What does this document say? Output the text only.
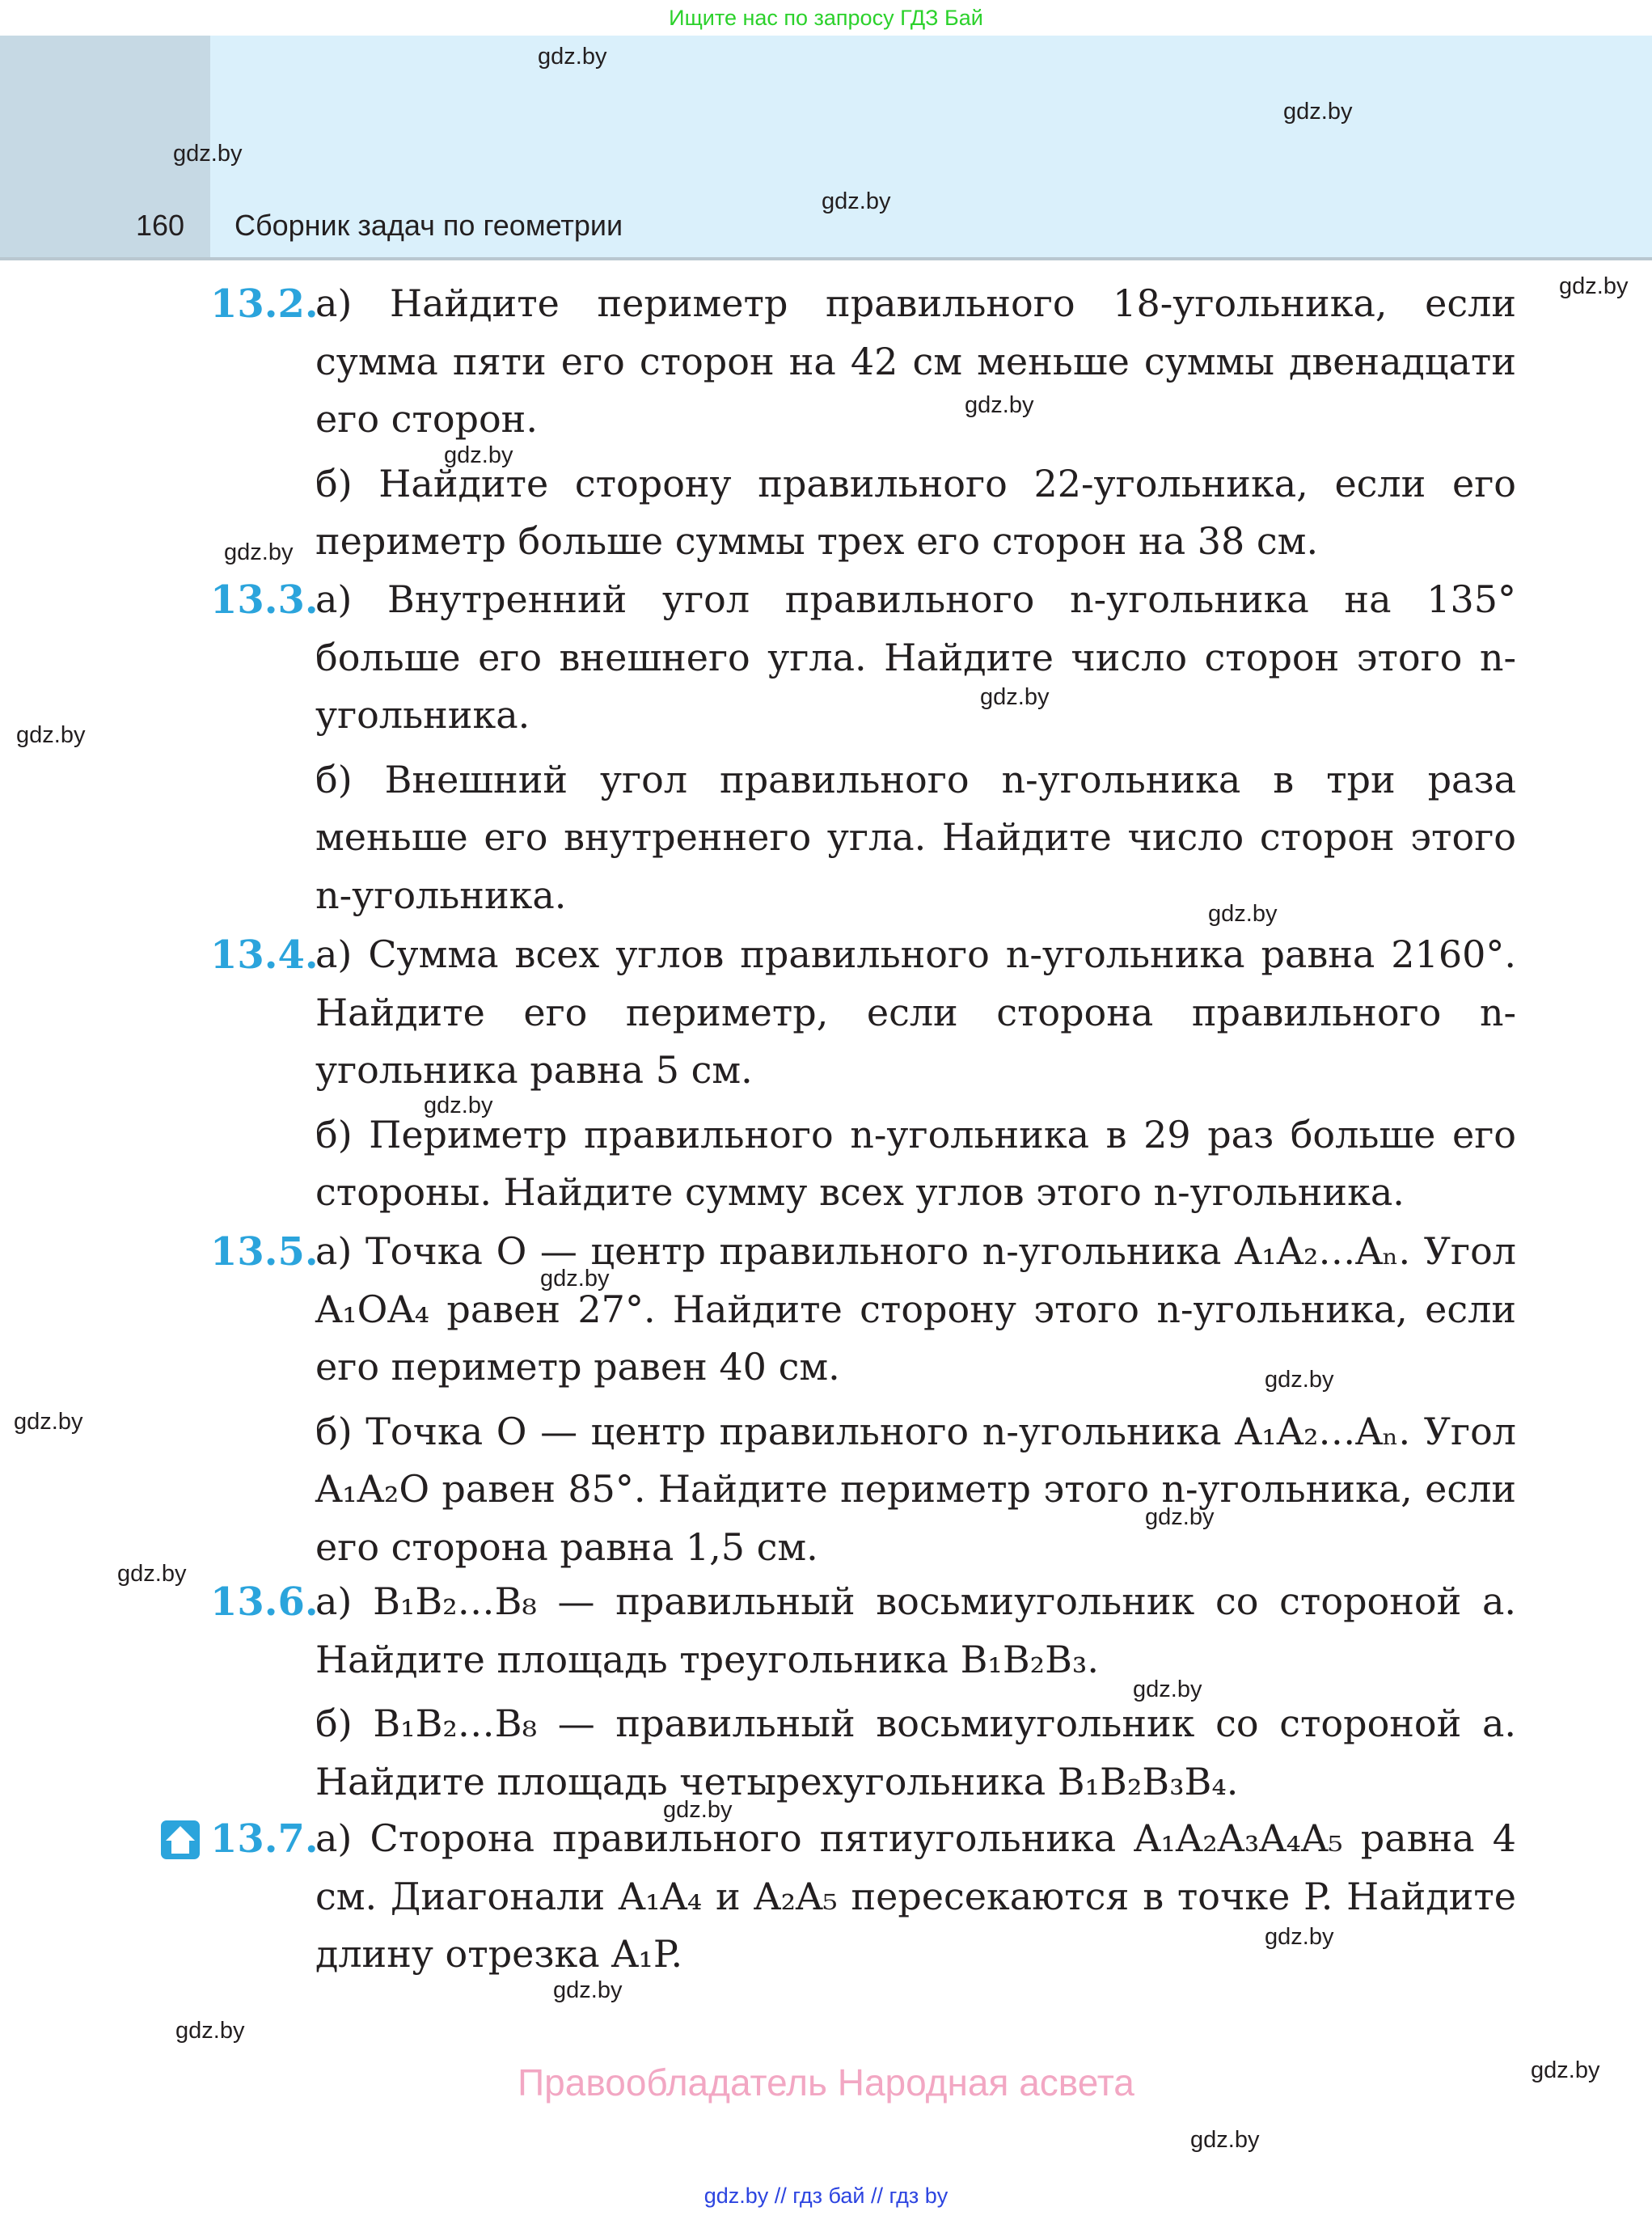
Ищите нас по запросу ГДЗ Бай
160 Сборник задач по геометрии
gdz.by
gdz.by
gdz.by
gdz.by
gdz.by
gdz.by
gdz.by
gdz.by
gdz.by
gdz.by
gdz.by
gdz.by
gdz.by
gdz.by
gdz.by
gdz.by
gdz.by
gdz.by
gdz.by
gdz.by
gdz.by
gdz.by
gdz.by
gdz.by
13.2.
а) Найдите периметр правильного 18-угольника, если сумма пяти его сторон на 42 см меньше суммы двенадцати его сторон.
б) Найдите сторону правильного 22-угольника, если его периметр больше суммы трех его сторон на 38 см.
13.3.
а) Внутренний угол правильного n-угольника на 135° больше его внешнего угла. Найдите число сторон этого n-угольника.
б) Внешний угол правильного n-угольника в три раза меньше его внутреннего угла. Найдите число сторон этого n-угольника.
13.4.
а) Сумма всех углов правильного n-угольника равна 2160°. Найдите его периметр, если сторона правильного n-угольника равна 5 см.
б) Периметр правильного n-угольника в 29 раз больше его стороны. Найдите сумму всех углов этого n-угольника.
13.5.
а) Точка O — центр правильного n-угольника A₁A₂…Aₙ. Угол A₁OA₄ равен 27°. Найдите сторону этого n-угольника, если его периметр равен 40 см.
б) Точка O — центр правильного n-угольника A₁A₂…Aₙ. Угол A₁A₂O равен 85°. Найдите периметр этого n-угольника, если его сторона равна 1,5 см.
13.6.
а) B₁B₂…B₈ — правильный восьмиугольник со стороной a. Найдите площадь треугольника B₁B₂B₃.
б) B₁B₂…B₈ — правильный восьмиугольник со стороной a. Найдите площадь четырехугольника B₁B₂B₃B₄.
13.7.
а) Сторона правильного пятиугольника A₁A₂A₃A₄A₅ равна 4 см. Диагонали A₁A₄ и A₂A₅ пересекаются в точке P. Найдите длину отрезка A₁P.
Правообладатель Народная асвета
gdz.by // гдз бай // гдз by
